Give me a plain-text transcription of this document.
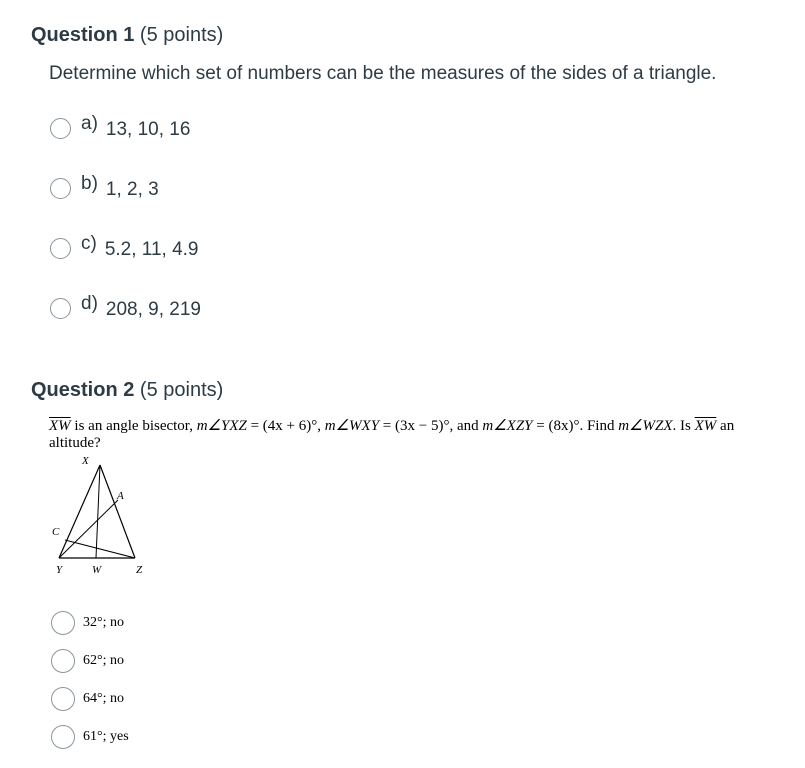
Question 1 (5 points)
Determine which set of numbers can be the measures of the sides of a triangle.
a) 13, 10, 16
b) 1, 2, 3
c) 5.2, 11, 4.9
d) 208, 9, 219
Question 2 (5 points)
$\overline{XW}$ is an angle bisector, m∠YXZ = (4x + 6)°, m∠WXY = (3x − 5)°, and m∠XZY = (8x)°. Find m∠WZX. Is $\overline{XW}$ an altitude?
X
A
C
Y	W	Z
32°; no
62°; no
64°; no
61°; yes
